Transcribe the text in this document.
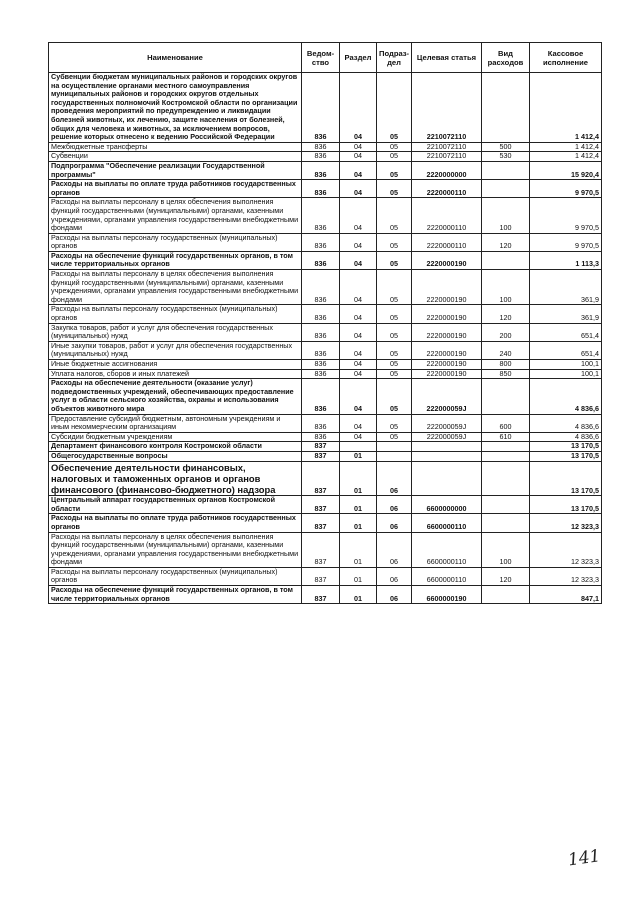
Наименование	Ведом-ство	Раздел	Подраз-дел	Целевая статья	Вид расходов	Кассовое исполнение
Субвенции бюджетам муниципальных районов и городских округов на осуществление органами местного самоуправления муниципальных районов и городских округов отдельных государственных полномочий Костромской области по организации проведения мероприятий по предупреждению и ликвидации болезней животных, их лечению, защите населения от болезней, общих для человека и животных, за исключением вопросов, решение которых отнесено к ведению Российской Федерации	836	04	05	2210072110		1 412,4
Межбюджетные трансферты	836	04	05	2210072110	500	1 412,4
Субвенции	836	04	05	2210072110	530	1 412,4
Подпрограмма "Обеспечение реализации Государственной программы"	836	04	05	2220000000		15 920,4
Расходы на выплаты по оплате труда работников государственных органов	836	04	05	2220000110		9 970,5
Расходы на выплаты персоналу в целях обеспечения выполнения функций государственными (муниципальными) органами, казенными учреждениями, органами управления государственными внебюджетными фондами	836	04	05	2220000110	100	9 970,5
Расходы на выплаты персоналу государственных (муниципальных) органов	836	04	05	2220000110	120	9 970,5
Расходы на обеспечение функций государственных органов, в том числе территориальных органов	836	04	05	2220000190		1 113,3
Расходы на выплаты персоналу в целях обеспечения выполнения функций государственными (муниципальными) органами, казенными учреждениями, органами управления государственными внебюджетными фондами	836	04	05	2220000190	100	361,9
Расходы на выплаты персоналу государственных (муниципальных) органов	836	04	05	2220000190	120	361,9
Закупка товаров, работ и услуг для обеспечения государственных (муниципальных) нужд	836	04	05	2220000190	200	651,4
Иные закупки товаров, работ и услуг для обеспечения государственных (муниципальных) нужд	836	04	05	2220000190	240	651,4
Иные бюджетные ассигнования	836	04	05	2220000190	800	100,1
Уплата налогов, сборов и иных платежей	836	04	05	2220000190	850	100,1
Расходы на обеспечение деятельности (оказание услуг) подведомственных учреждений, обеспечивающих предоставление услуг в области сельского хозяйства, охраны и использования объектов животного мира	836	04	05	222000059J		4 836,6
Предоставление субсидий бюджетным, автономным учреждениям и иным некоммерческим организациям	836	04	05	222000059J	600	4 836,6
Субсидии бюджетным учреждениям	836	04	05	222000059J	610	4 836,6
Департамент финансового контроля Костромской области	837					13 170,5
Общегосударственные вопросы	837	01				13 170,5
Обеспечение деятельности финансовых, налоговых и таможенных органов и органов финансового (финансово-бюджетного) надзора	837	01	06			13 170,5
Центральный аппарат государственных органов Костромской области	837	01	06	6600000000		13 170,5
Расходы на выплаты по оплате труда работников государственных органов	837	01	06	6600000110		12 323,3
Расходы на выплаты персоналу в целях обеспечения выполнения функций государственными (муниципальными) органами, казенными учреждениями, органами управления государственными внебюджетными фондами	837	01	06	6600000110	100	12 323,3
Расходы на выплаты персоналу государственных (муниципальных) органов	837	01	06	6600000110	120	12 323,3
Расходы на обеспечение функций государственных органов, в том числе территориальных органов	837	01	06	6600000190		847,1
141
